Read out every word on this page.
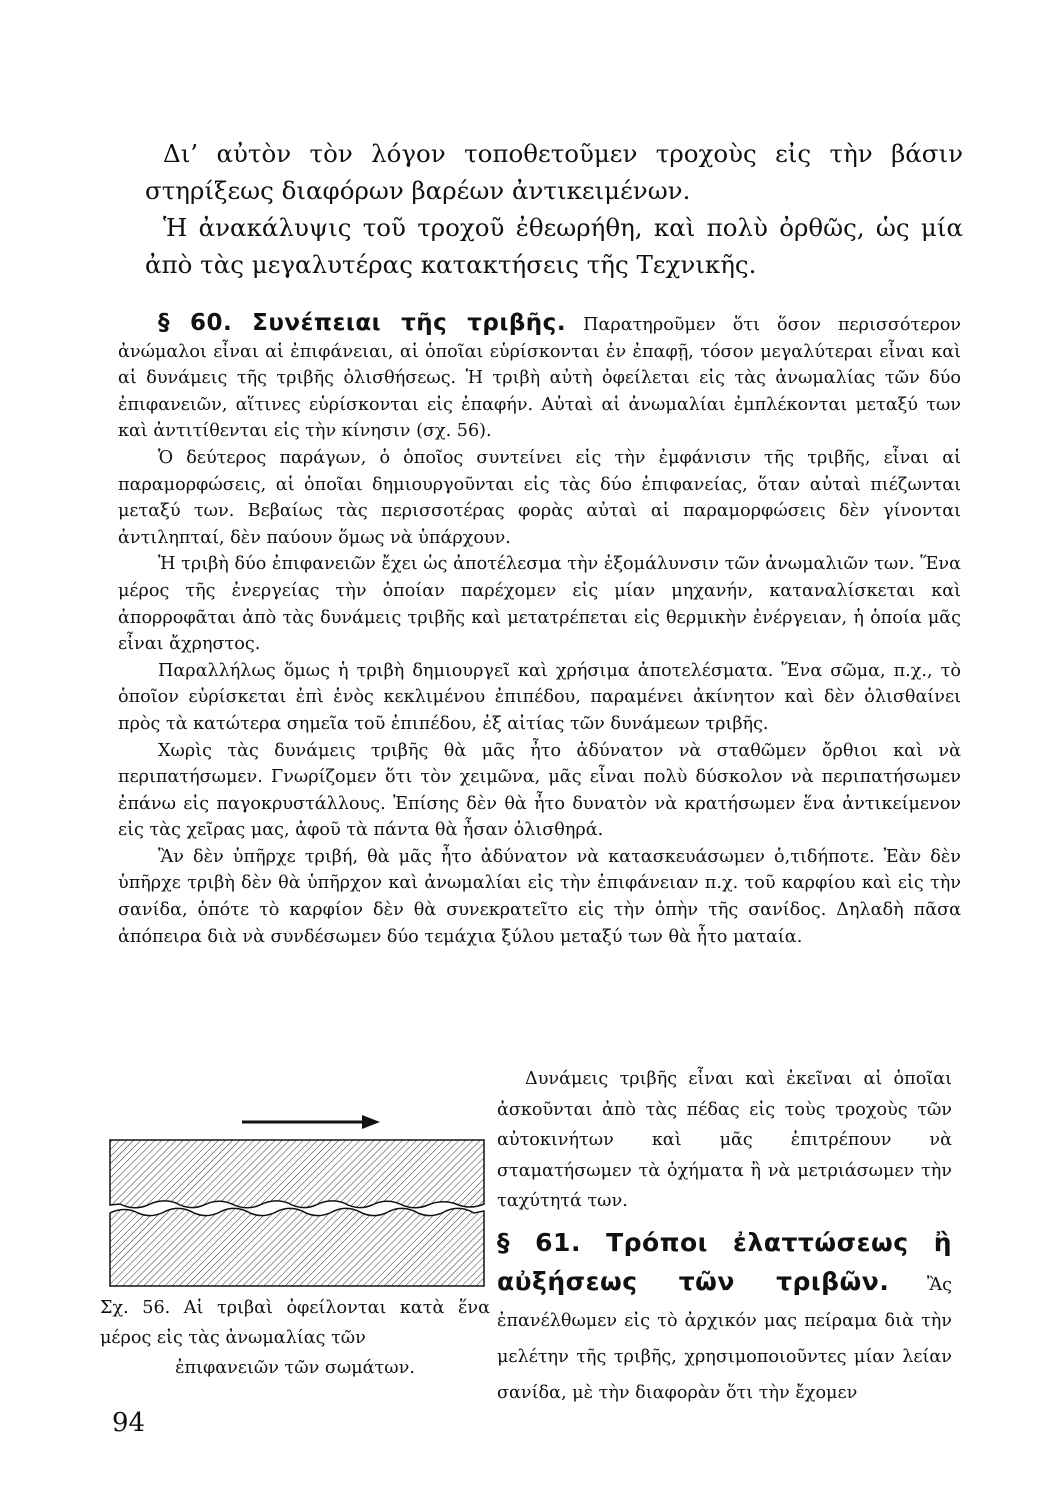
Δι’ αὐτὸν τὸν λόγον τοποθετοῦμεν τροχοὺς εἰς τὴν βάσιν στηρίξεως διαφόρων βαρέων ἀντικειμένων.

Ἡ ἀνακάλυψις τοῦ τροχοῦ ἐθεωρήθη, καὶ πολὺ ὀρθῶς, ὡς μία ἀπὸ τὰς μεγαλυτέρας κατακτήσεις τῆς Τεχνικῆς.

§ 60. Συνέπειαι τῆς τριβῆς. Παρατηροῦμεν ὅτι ὅσον περισσότερον ἀνώμαλοι εἶναι αἱ ἐπιφάνειαι, αἱ ὁποῖαι εὑρίσκονται ἐν ἐπαφῇ, τόσον μεγαλύτεραι εἶναι καὶ αἱ δυνάμεις τῆς τριβῆς ὀλισθήσεως. Ἡ τριβὴ αὐτὴ ὀφείλεται εἰς τὰς ἀνωμαλίας τῶν δύο ἐπιφανειῶν, αἵτινες εὑρίσκονται εἰς ἐπαφήν. Αὐταὶ αἱ ἀνωμαλίαι ἐμπλέκονται μεταξύ των καὶ ἀντιτίθενται εἰς τὴν κίνησιν (σχ. 56).

Ὁ δεύτερος παράγων, ὁ ὁποῖος συντείνει εἰς τὴν ἐμφάνισιν τῆς τριβῆς, εἶναι αἱ παραμορφώσεις, αἱ ὁποῖαι δημιουργοῦνται εἰς τὰς δύο ἐπιφανείας, ὅταν αὐταὶ πιέζωνται μεταξύ των. Βεβαίως τὰς περισσοτέρας φορὰς αὐταὶ αἱ παραμορφώσεις δὲν γίνονται ἀντιληπταί, δὲν παύουν ὅμως νὰ ὑπάρχουν.

Ἡ τριβὴ δύο ἐπιφανειῶν ἔχει ὡς ἀποτέλεσμα τὴν ἐξομάλυνσιν τῶν ἀνωμαλιῶν των. Ἕνα μέρος τῆς ἐνεργείας τὴν ὁποίαν παρέχομεν εἰς μίαν μηχανήν, καταναλίσκεται καὶ ἀπορροφᾶται ἀπὸ τὰς δυνάμεις τριβῆς καὶ μετατρέπεται εἰς θερμικὴν ἐνέργειαν, ἡ ὁποία μᾶς εἶναι ἄχρηστος.

Παραλλήλως ὅμως ἡ τριβὴ δημιουργεῖ καὶ χρήσιμα ἀποτελέσματα. Ἕνα σῶμα, π.χ., τὸ ὁποῖον εὑρίσκεται ἐπὶ ἑνὸς κεκλιμένου ἐπιπέδου, παραμένει ἀκίνητον καὶ δὲν ὀλισθαίνει πρὸς τὰ κατώτερα σημεῖα τοῦ ἐπιπέδου, ἐξ αἰτίας τῶν δυνάμεων τριβῆς.

Χωρὶς τὰς δυνάμεις τριβῆς θὰ μᾶς ἦτο ἀδύνατον νὰ σταθῶμεν ὄρθιοι καὶ νὰ περιπατήσωμεν. Γνωρίζομεν ὅτι τὸν χειμῶνα, μᾶς εἶναι πολὺ δύσκολον νὰ περιπατήσωμεν ἐπάνω εἰς παγοκρυστάλλους. Ἐπίσης δὲν θὰ ἦτο δυνατὸν νὰ κρατήσωμεν ἕνα ἀντικείμενον εἰς τὰς χεῖρας μας, ἀφοῦ τὰ πάντα θὰ ἦσαν ὀλισθηρά.

Ἂν δὲν ὑπῆρχε τριβή, θὰ μᾶς ἦτο ἀδύνατον νὰ κατασκευάσωμεν ὁ,τιδήποτε. Ἐὰν δὲν ὑπῆρχε τριβὴ δὲν θὰ ὑπῆρχον καὶ ἀνωμαλίαι εἰς τὴν ἐπιφάνειαν π.χ. τοῦ καρφίου καὶ εἰς τὴν σανίδα, ὁπότε τὸ καρφίον δὲν θὰ συνεκρατεῖτο εἰς τὴν ὀπὴν τῆς σανίδος. Δηλαδὴ πᾶσα ἀπόπειρα διὰ νὰ συνδέσωμεν δύο τεμάχια ξύλου μεταξύ των θὰ ἦτο ματαία.

Δυνάμεις τριβῆς εἶναι καὶ ἐκεῖναι αἱ ὁποῖαι ἀσκοῦνται ἀπὸ τὰς πέδας εἰς τοὺς τροχοὺς τῶν αὐτοκινήτων καὶ μᾶς ἐπιτρέπουν νὰ σταματήσωμεν τὰ ὀχήματα ἢ νὰ μετριάσωμεν τὴν ταχύτητά των.

§ 61. Τρόποι ἐλαττώσεως ἢ αὐξήσεως τῶν τριβῶν. Ἂς ἐπανέλθωμεν εἰς τὸ ἀρχικόν μας πείραμα διὰ τὴν μελέτην τῆς τριβῆς, χρησιμοποιοῦντες μίαν λείαν σανίδα, μὲ τὴν διαφορὰν ὅτι τὴν ἔχομεν

Σχ. 56. Αἱ τριβαὶ ὀφείλονται κατὰ ἕνα μέρος εἰς τὰς ἀνωμαλίας τῶν
ἐπιφανειῶν τῶν σωμάτων.
94
